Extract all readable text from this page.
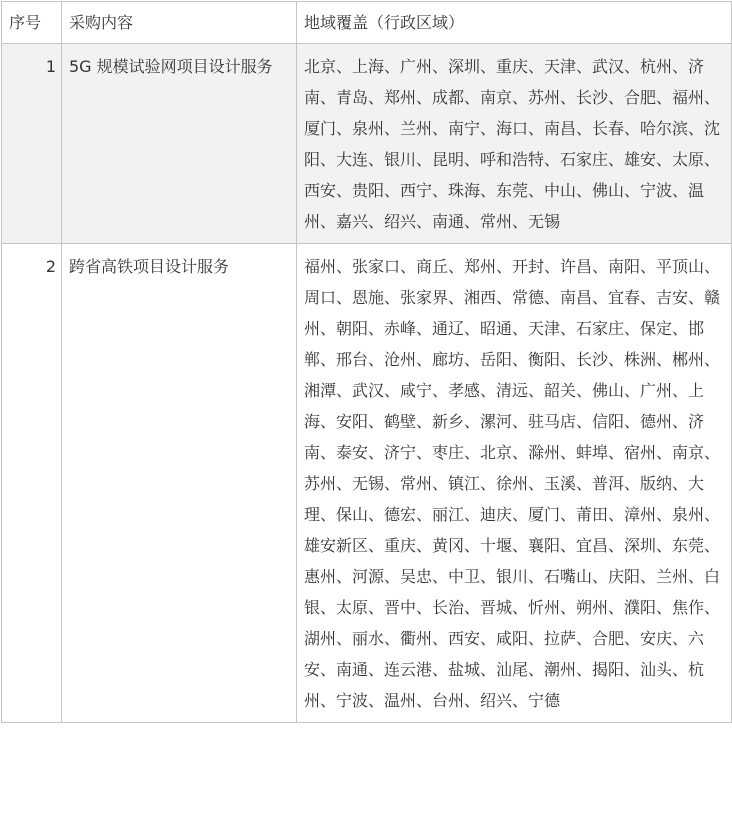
序号	采购内容	地域覆盖（行政区域）
1	5G 规模试验网项目设计服务	北京、上海、广州、深圳、重庆、天津、武汉、杭州、济南、青岛、郑州、成都、南京、苏州、长沙、合肥、福州、厦门、泉州、兰州、南宁、海口、南昌、长春、哈尔滨、沈阳、大连、银川、昆明、呼和浩特、石家庄、雄安、太原、西安、贵阳、西宁、珠海、东莞、中山、佛山、宁波、温州、嘉兴、绍兴、南通、常州、无锡
2	跨省高铁项目设计服务	福州、张家口、商丘、郑州、开封、许昌、南阳、平顶山、周口、恩施、张家界、湘西、常德、南昌、宜春、吉安、赣州、朝阳、赤峰、通辽、昭通、天津、石家庄、保定、邯郸、邢台、沧州、廊坊、岳阳、衡阳、长沙、株洲、郴州、湘潭、武汉、咸宁、孝感、清远、韶关、佛山、广州、上海、安阳、鹤壁、新乡、漯河、驻马店、信阳、德州、济南、泰安、济宁、枣庄、北京、滁州、蚌埠、宿州、南京、苏州、无锡、常州、镇江、徐州、玉溪、普洱、版纳、大理、保山、德宏、丽江、迪庆、厦门、莆田、漳州、泉州、雄安新区、重庆、黄冈、十堰、襄阳、宜昌、深圳、东莞、惠州、河源、吴忠、中卫、银川、石嘴山、庆阳、兰州、白银、太原、晋中、长治、晋城、忻州、朔州、濮阳、焦作、湖州、丽水、衢州、西安、咸阳、拉萨、合肥、安庆、六安、南通、连云港、盐城、汕尾、潮州、揭阳、汕头、杭州、宁波、温州、台州、绍兴、宁德
